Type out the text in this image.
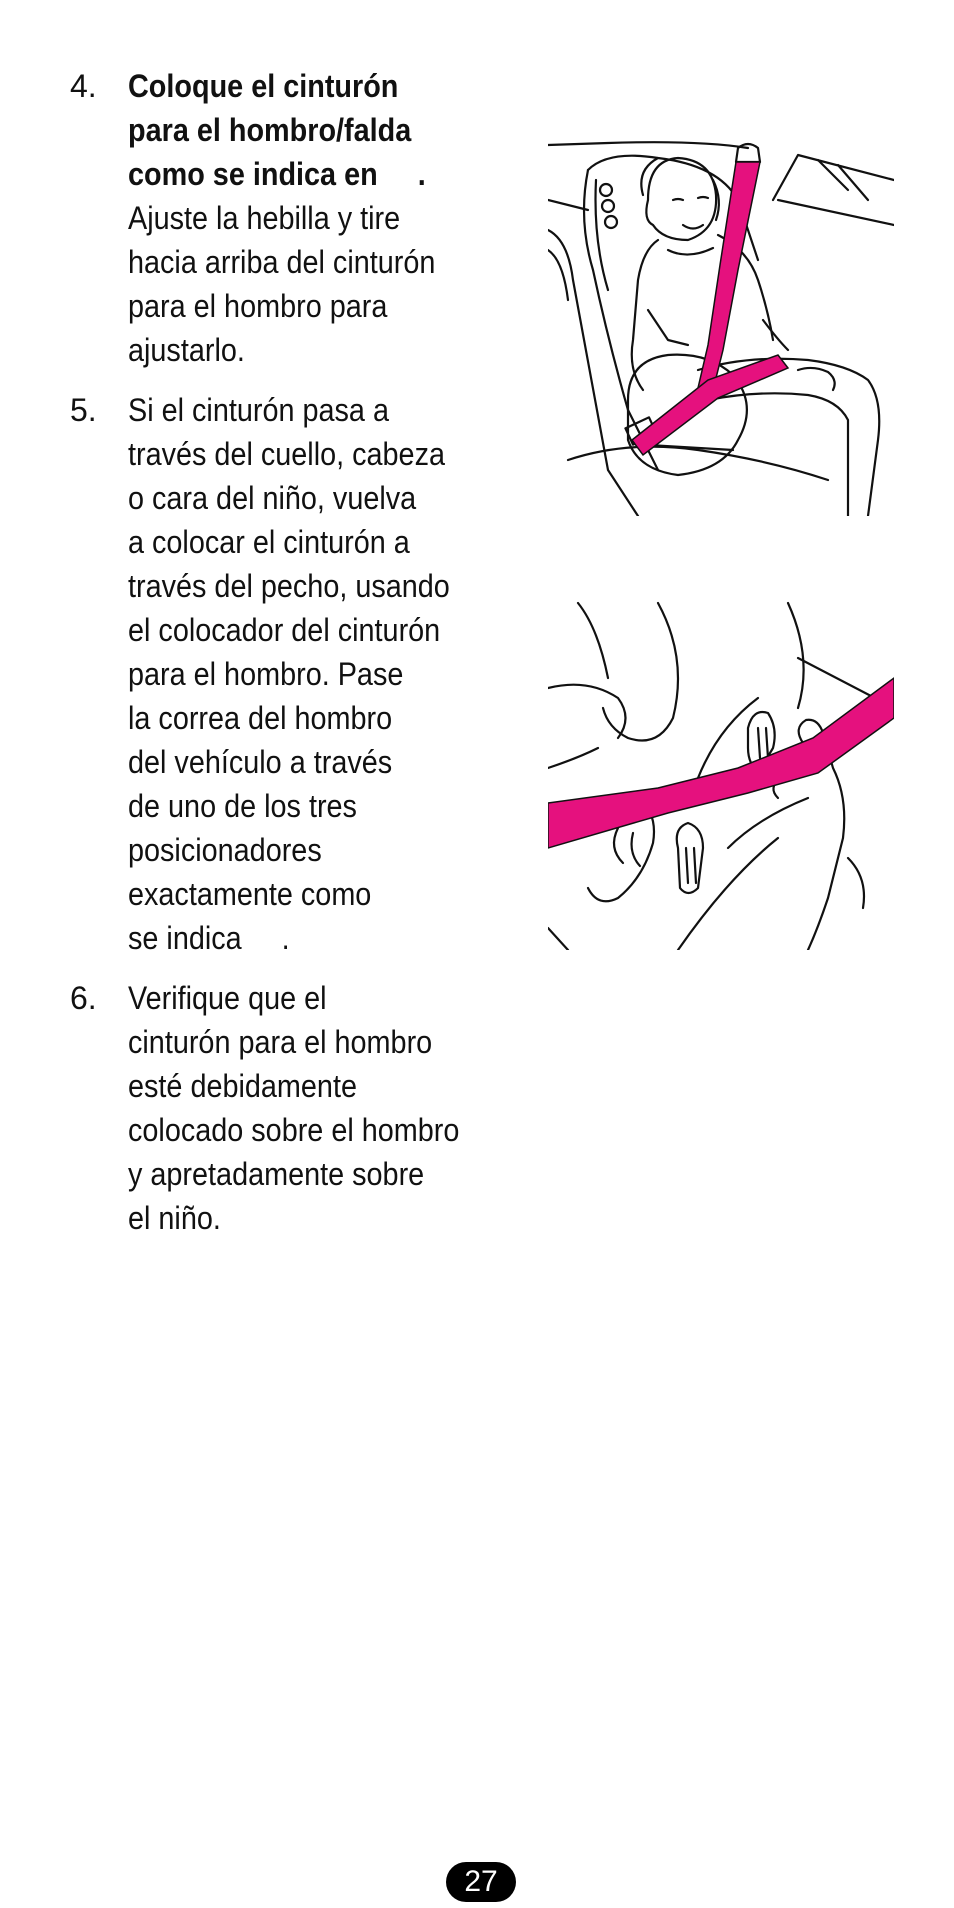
4. Coloque el cinturón
para el hombro/falda
como se indica en     .
Ajuste la hebilla y tire
hacia arriba del cinturón
para el hombro para
ajustarlo.
5. Si el cinturón pasa a
través del cuello, cabeza
o cara del niño, vuelva
a colocar el cinturón a
través del pecho, usando
el colocador del cinturón
para el hombro. Pase
la correa del hombro
del vehículo a través
de uno de los tres
posicionadores
exactamente como
se indica     .
6. Verifique que el
cinturón para el hombro
esté debidamente
colocado sobre el hombro
y apretadamente sobre
el niño.
27
